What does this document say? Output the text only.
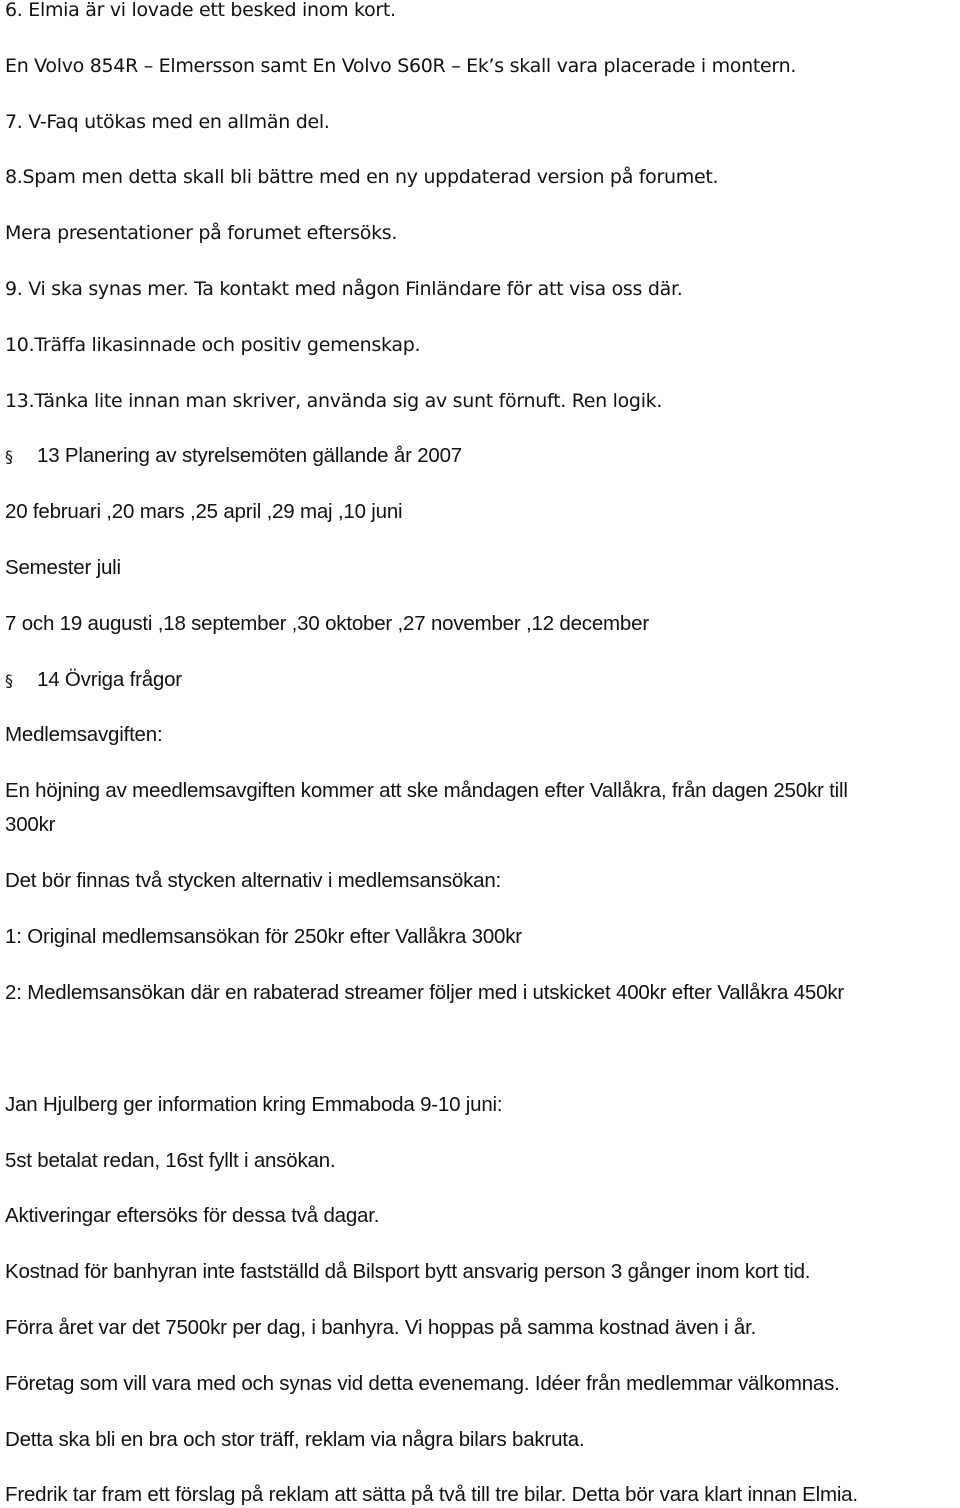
6. Elmia är vi lovade ett besked inom kort.

En Volvo 854R – Elmersson samt En Volvo S60R – Ek’s skall vara placerade i montern.

7. V-Faq utökas med en allmän del.

8.Spam men detta skall bli bättre med en ny uppdaterad version på forumet.

Mera presentationer på forumet eftersöks.

9. Vi ska synas mer. Ta kontakt med någon Finländare för att visa oss där.

10.Träffa likasinnade och positiv gemenskap.

13.Tänka lite innan man skriver, använda sig av sunt förnuft. Ren logik.

§ 13 Planering av styrelsemöten gällande år 2007

20 februari ,20 mars ,25 april ,29 maj ,10 juni

Semester juli

7 och 19 augusti ,18 september ,30 oktober ,27 november ,12 december

§ 14 Övriga frågor

Medlemsavgiften:

En höjning av meedlemsavgiften kommer att ske måndagen efter Vallåkra, från dagen 250kr till

300kr

Det bör finnas två stycken alternativ i medlemsansökan:

1: Original medlemsansökan för 250kr efter Vallåkra 300kr

2: Medlemsansökan där en rabaterad streamer följer med i utskicket 400kr efter Vallåkra 450kr

Jan Hjulberg ger information kring Emmaboda 9-10 juni:

5st betalat redan, 16st fyllt i ansökan.

Aktiveringar eftersöks för dessa två dagar.

Kostnad för banhyran inte fastställd då Bilsport bytt ansvarig person 3 gånger inom kort tid.

Förra året var det 7500kr per dag, i banhyra. Vi hoppas på samma kostnad även i år.

Företag som vill vara med och synas vid detta evenemang. Idéer från medlemmar välkomnas.

Detta ska bli en bra och stor träff, reklam via några bilars bakruta.

Fredrik tar fram ett förslag på reklam att sätta på två till tre bilar. Detta bör vara klart innan Elmia.
